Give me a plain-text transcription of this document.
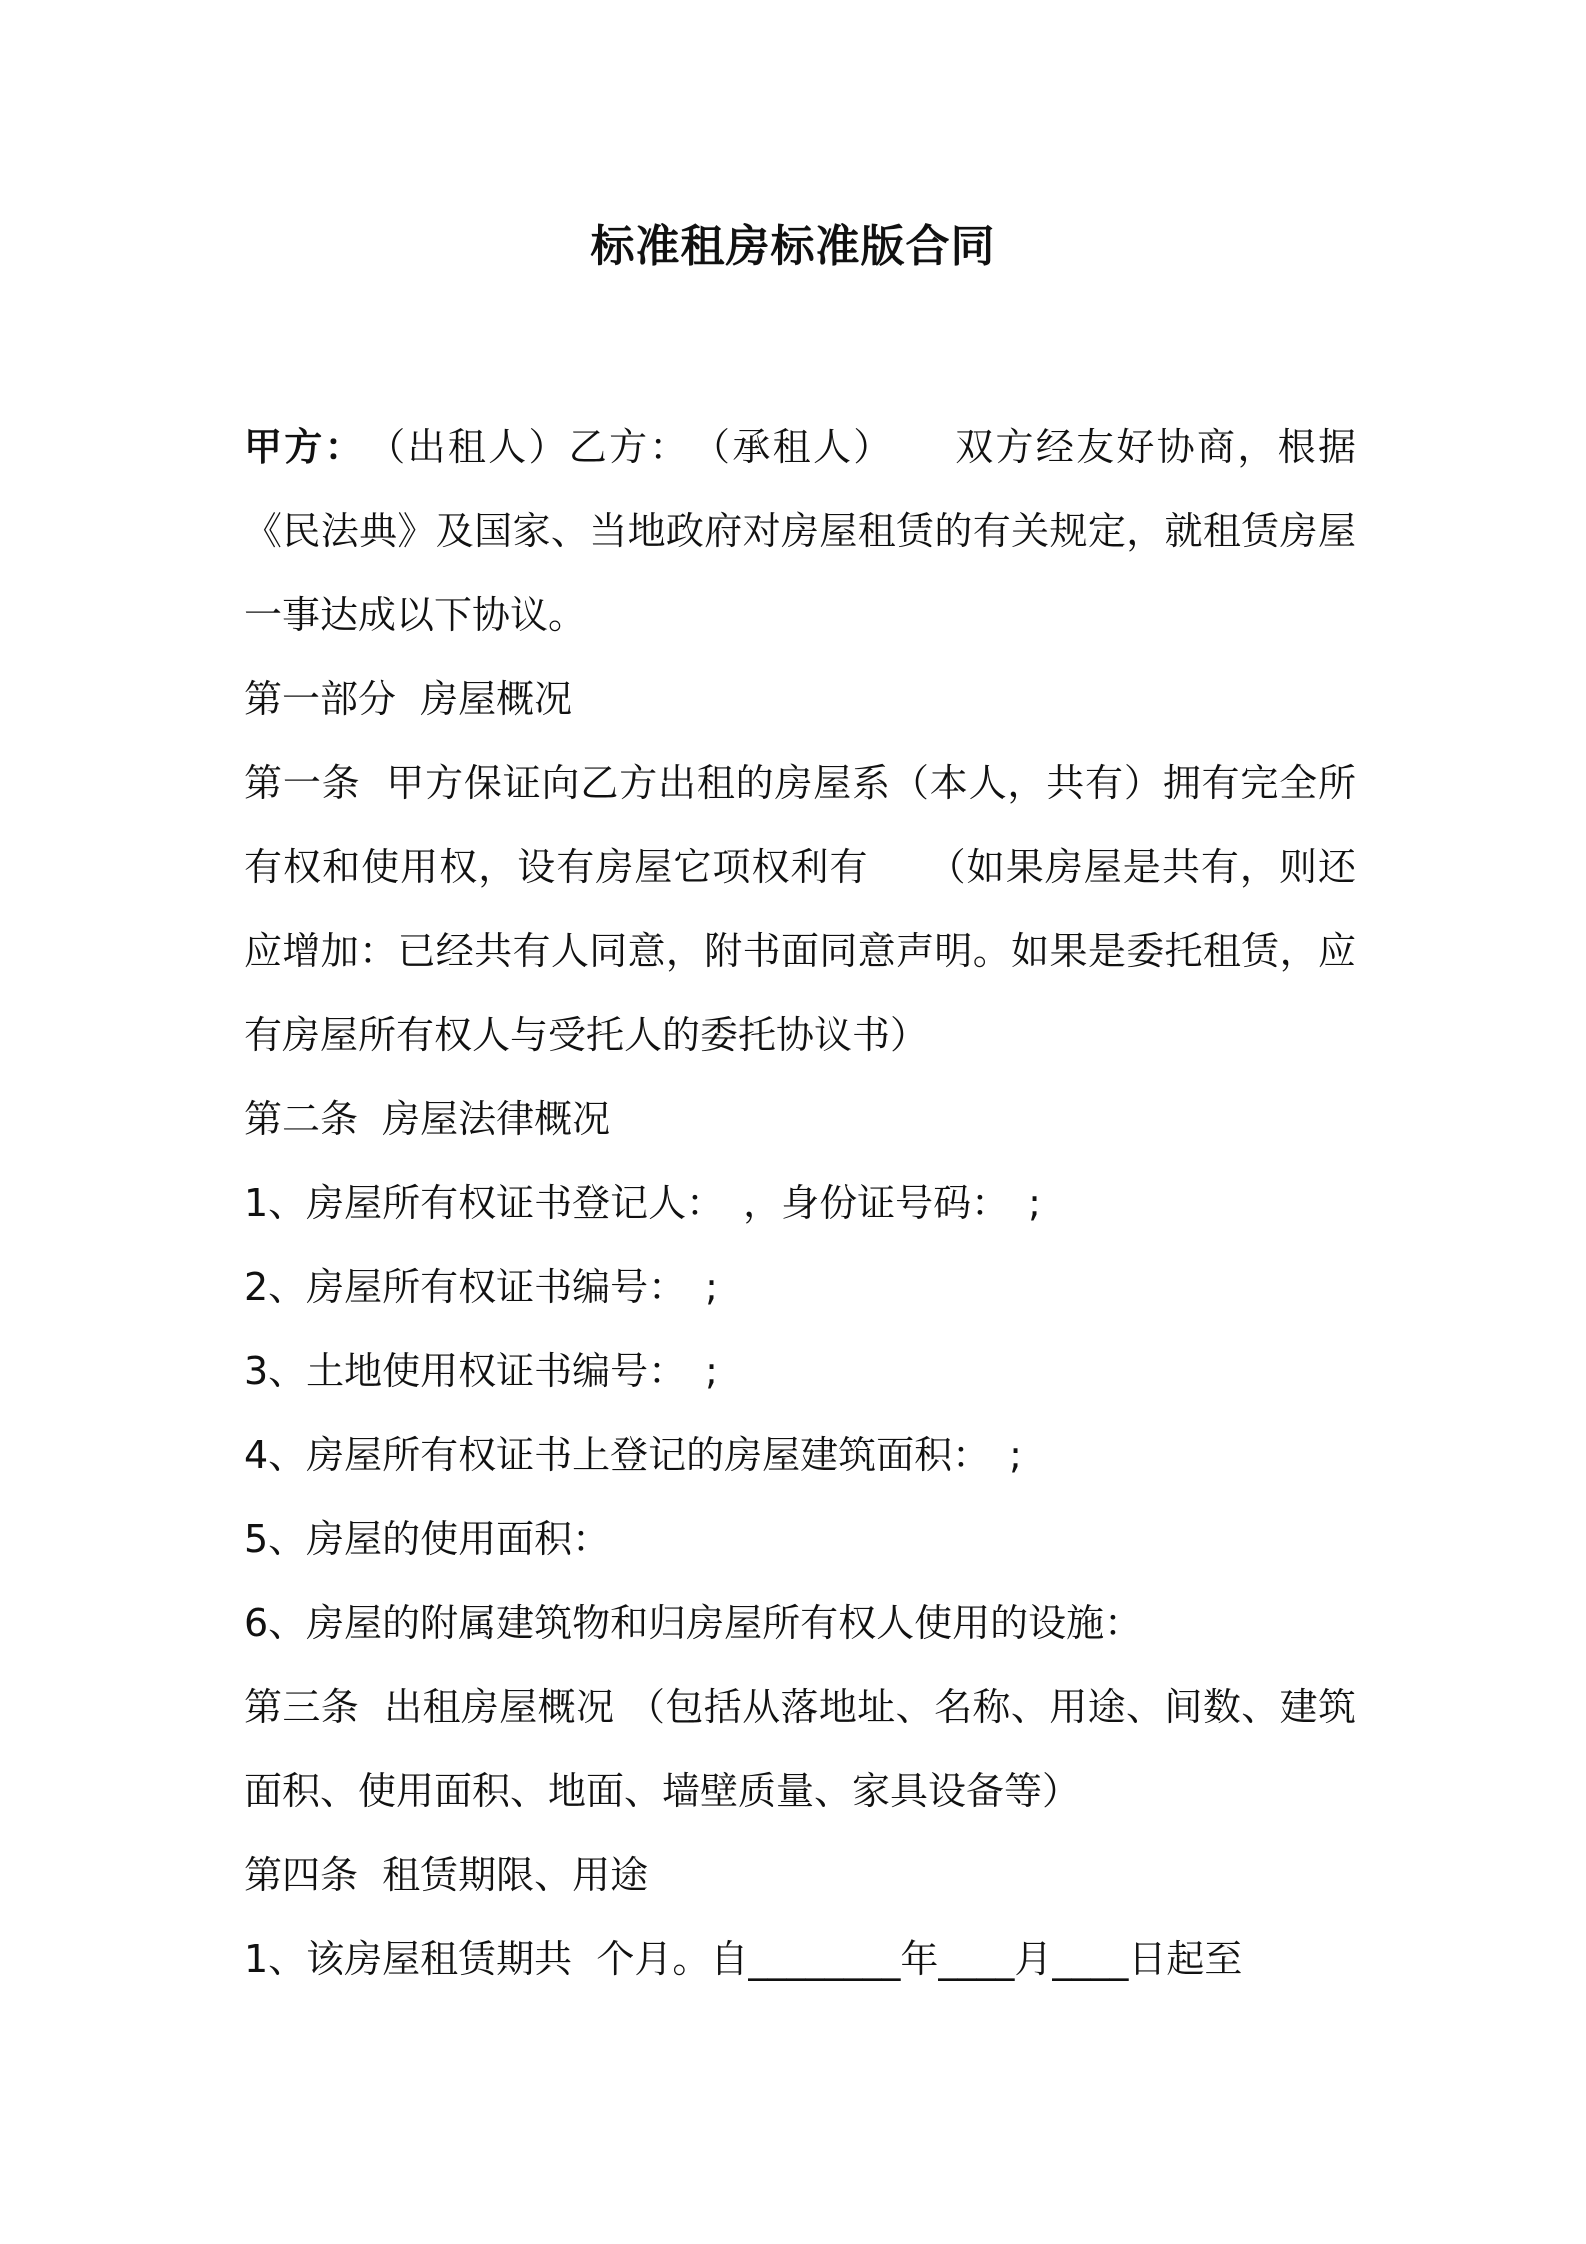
标准租房标准版合同

甲方：　（出租人）乙方：　（承租人）　　双方经友好协商，根据《民法典》及国家、当地政府对房屋租赁的有关规定，就租赁房屋一事达成以下协议。

第一部分  房屋概况

第一条  甲方保证向乙方出租的房屋系（本人，共有）拥有完全所有权和使用权，设有房屋它项权利有　　（如果房屋是共有，则还应增加：已经共有人同意，附书面同意声明。如果是委托租赁，应有房屋所有权人与受托人的委托协议书）

第二条  房屋法律概况

1、房屋所有权证书登记人：　，身份证号码：　;

2、房屋所有权证书编号：　;

3、土地使用权证书编号：　;

4、房屋所有权证书上登记的房屋建筑面积：　;

5、房屋的使用面积：

6、房屋的附属建筑物和归房屋所有权人使用的设施：

第三条  出租房屋概况 （包括从落地址、名称、用途、间数、建筑面积、使用面积、地面、墙壁质量、家具设备等）

第四条  租赁期限、用途

1、该房屋租赁期共  个月。自________年____月____日起至
